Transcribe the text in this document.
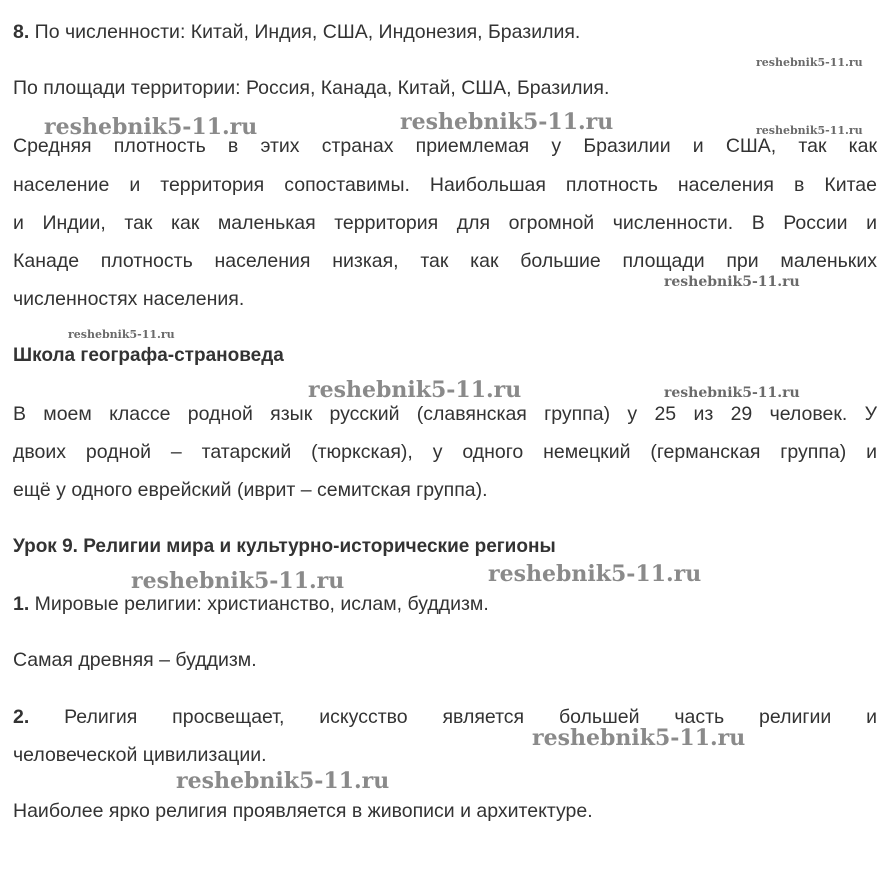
8. По численности: Китай, Индия, США, Индонезия, Бразилия.
По площади территории: Россия, Канада, Китай, США, Бразилия.
Средняя плотность в этих странах приемлемая у Бразилии и США, так как
население и территория сопоставимы. Наибольшая плотность населения в Китае
и Индии, так как маленькая территория для огромной численности. В России и
Канаде плотность населения низкая, так как большие площади при маленьких
численностях населения.
Школа географа-страноведа
В моем классе родной язык русский (славянская группа) у 25 из 29 человек. У
двоих родной – татарский (тюркская), у одного немецкий (германская группа) и
ещё у одного еврейский (иврит – семитская группа).
Урок 9. Религии мира и культурно-исторические регионы
1. Мировые религии: христианство, ислам, буддизм.
Самая древняя – буддизм.
2. Религия просвещает, искусство является большей часть религии и
человеческой цивилизации.
Наиболее ярко религия проявляется в живописи и архитектуре.
reshebnik5-11.ru
reshebnik5-11.ru	reshebnik5-11.ru	reshebnik5-11.ru
reshebnik5-11.ru
reshebnik5-11.ru
reshebnik5-11.ru	reshebnik5-11.ru
reshebnik5-11.ru	reshebnik5-11.ru
reshebnik5-11.ru
reshebnik5-11.ru
